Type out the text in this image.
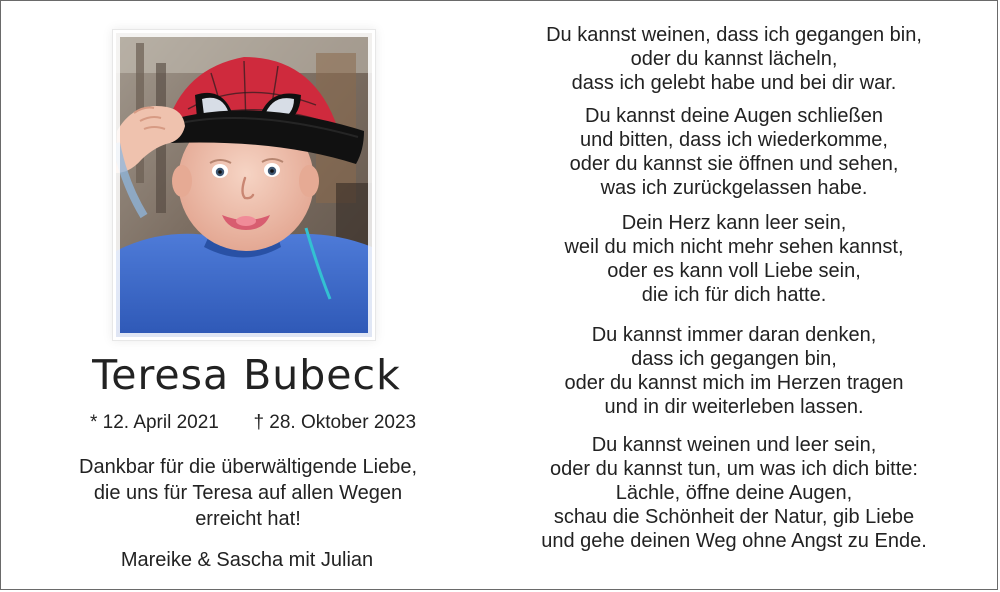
Teresa Bubeck
* 12. April 2021 † 28. Oktober 2023
Dankbar für die überwältigende Liebe,
die uns für Teresa auf allen Wegen
erreicht hat!
Mareike & Sascha mit Julian
Du kannst weinen, dass ich gegangen bin,
oder du kannst lächeln,
dass ich gelebt habe und bei dir war.
Du kannst deine Augen schließen
und bitten, dass ich wiederkomme,
oder du kannst sie öffnen und sehen,
was ich zurückgelassen habe.
Dein Herz kann leer sein,
weil du mich nicht mehr sehen kannst,
oder es kann voll Liebe sein,
die ich für dich hatte.
Du kannst immer daran denken,
dass ich gegangen bin,
oder du kannst mich im Herzen tragen
und in dir weiterleben lassen.
Du kannst weinen und leer sein,
oder du kannst tun, um was ich dich bitte:
Lächle, öffne deine Augen,
schau die Schönheit der Natur, gib Liebe
und gehe deinen Weg ohne Angst zu Ende.
